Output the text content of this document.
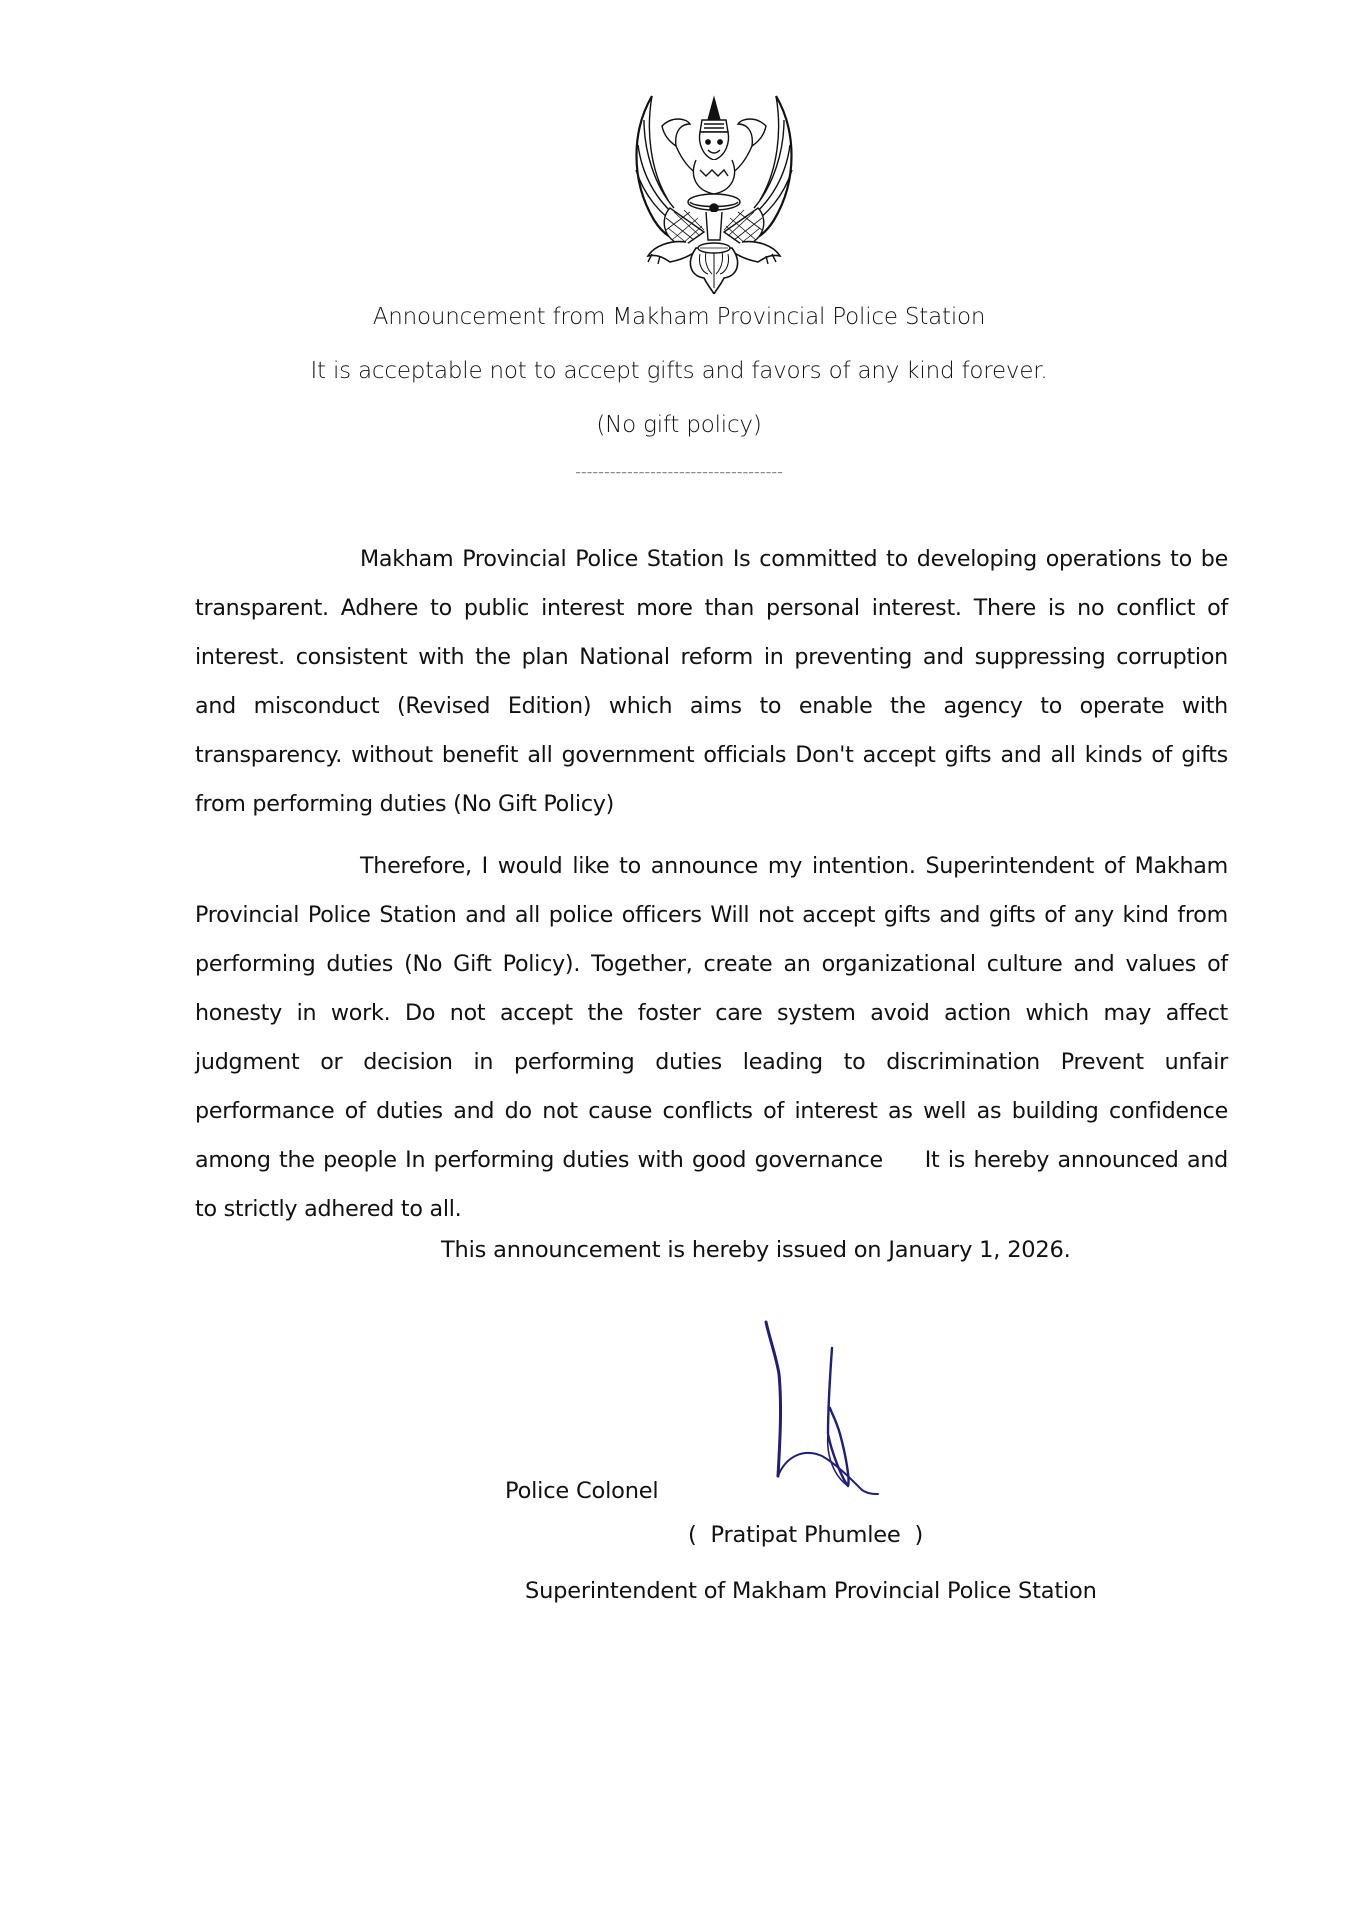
Announcement from Makham Provincial Police Station
It is acceptable not to accept gifts and favors of any kind forever.
(No gift policy)
------------------------------------

Makham Provincial Police Station Is committed to developing operations to be transparent. Adhere to public interest more than personal interest. There is no conflict of interest. consistent with the plan National reform in preventing and suppressing corruption and misconduct (Revised Edition) which aims to enable the agency to operate with transparency. without benefit all government officials Don't accept gifts and all kinds of gifts from performing duties (No Gift Policy)

Therefore, I would like to announce my intention. Superintendent of Makham Provincial Police Station and all police officers Will not accept gifts and gifts of any kind from performing duties (No Gift Policy). Together, create an organizational culture and values of honesty in work. Do not accept the foster care system avoid action which may affect judgment or decision in performing duties leading to discrimination Prevent unfair performance of duties and do not cause conflicts of interest as well as building confidence among the people In performing duties with good governance     It is hereby announced and to strictly adhered to all.

This announcement is hereby issued on January 1, 2026.
Police Colonel
(  Pratipat Phumlee  )
Superintendent of Makham Provincial Police Station
